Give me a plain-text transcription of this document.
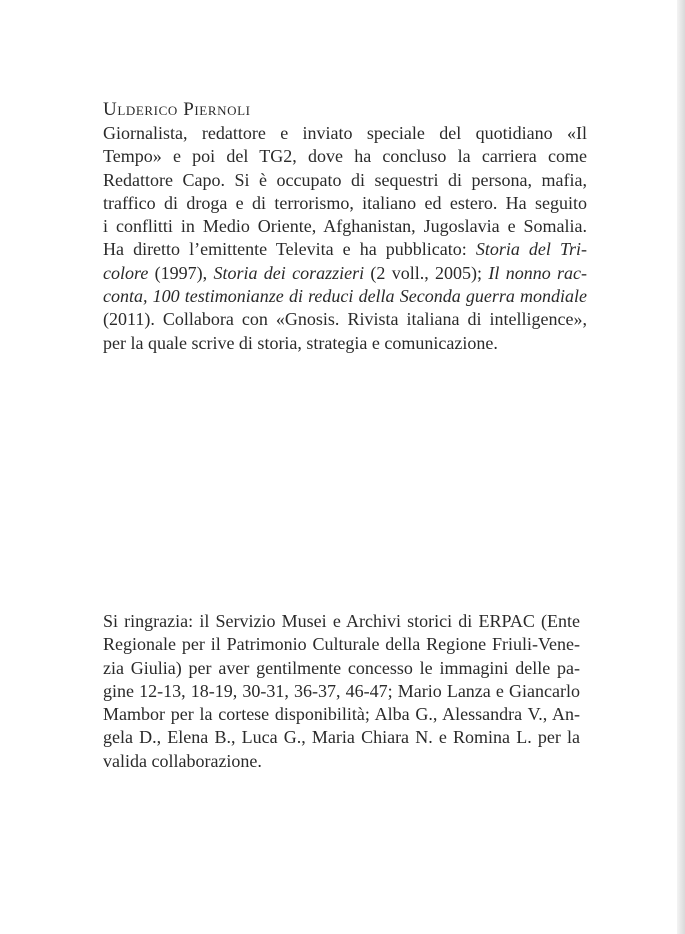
Ulderico Piernoli

Giornalista, redattore e inviato speciale del quotidiano «Il
Tempo» e poi del TG2, dove ha concluso la carriera come
Redattore Capo. Si è occupato di sequestri di persona, mafia,
traffico di droga e di terrorismo, italiano ed estero. Ha seguito
i conflitti in Medio Oriente, Afghanistan, Jugoslavia e Somalia.
Ha diretto l’emittente Televita e ha pubblicato: Storia del Tri-
colore (1997), Storia dei corazzieri (2 voll., 2005); Il nonno rac-
conta, 100 testimonianze di reduci della Seconda guerra mondiale
(2011). Collabora con «Gnosis. Rivista italiana di intelligence»,
per la quale scrive di storia, strategia e comunicazione.

Si ringrazia: il Servizio Musei e Archivi storici di ERPAC (Ente
Regionale per il Patrimonio Culturale della Regione Friuli-Vene-
zia Giulia) per aver gentilmente concesso le immagini delle pa-
gine 12-13, 18-19, 30-31, 36-37, 46-47; Mario Lanza e Giancarlo
Mambor per la cortese disponibilità; Alba G., Alessandra V., An-
gela D., Elena B., Luca G., Maria Chiara N. e Romina L. per la
valida collaborazione.
